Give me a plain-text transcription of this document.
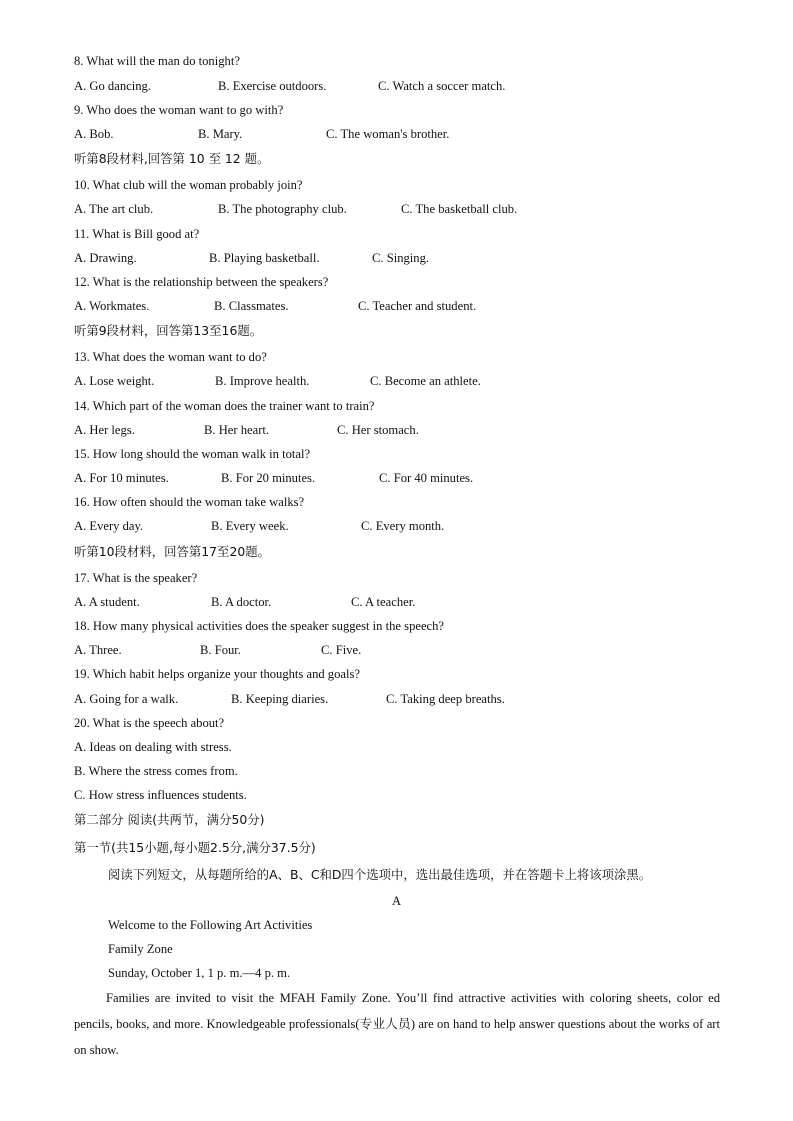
8. What will the man do tonight?
A. Go dancing.	B. Exercise outdoors.	C. Watch a soccer match.
9. Who does the woman want to go with?
A. Bob.	B. Mary.	C. The woman's brother.
听第8段材料,回答第 10 至 12 题。
10. What club will the woman probably join?
A. The art club.	B. The photography club.	C. The basketball club.
11. What is Bill good at?
A. Drawing.	B. Playing basketball.	C. Singing.
12. What is the relationship between the speakers?
A. Workmates.	B. Classmates.	C. Teacher and student.
听第9段材料，回答第13至16题。
13. What does the woman want to do?
A. Lose weight.	B. Improve health.	C. Become an athlete.
14. Which part of the woman does the trainer want to train?
A. Her legs.	B. Her heart.	C. Her stomach.
15. How long should the woman walk in total?
A. For 10 minutes.	B. For 20 minutes.	C. For 40 minutes.
16. How often should the woman take walks?
A. Every day.	B. Every week.	C. Every month.
听第10段材料，回答第17至20题。
17. What is the speaker?
A. A student.	B. A doctor.	C. A teacher.
18. How many physical activities does the speaker suggest in the speech?
A. Three.	B. Four.	C. Five.
19. Which habit helps organize your thoughts and goals?
A. Going for a walk.	B. Keeping diaries.	C. Taking deep breaths.
20. What is the speech about?
A. Ideas on dealing with stress.
B. Where the stress comes from.
C. How stress influences students.
第二部分 阅读(共两节，满分50分)
第一节(共15小题,每小题2.5分,满分37.5分)
阅读下列短文，从每题所给的A、B、C和D四个选项中，选出最佳选项，并在答题卡上将该项涂黑。
A
Welcome to the Following Art Activities
Family Zone
Sunday, October 1, 1 p. m.—4 p. m.
Families are invited to visit the MFAH Family Zone. You’ll find attractive activities with coloring sheets, color ed pencils, books, and more. Knowledgeable professionals(专业人员) are on hand to help answer questions about the works of art on show.
